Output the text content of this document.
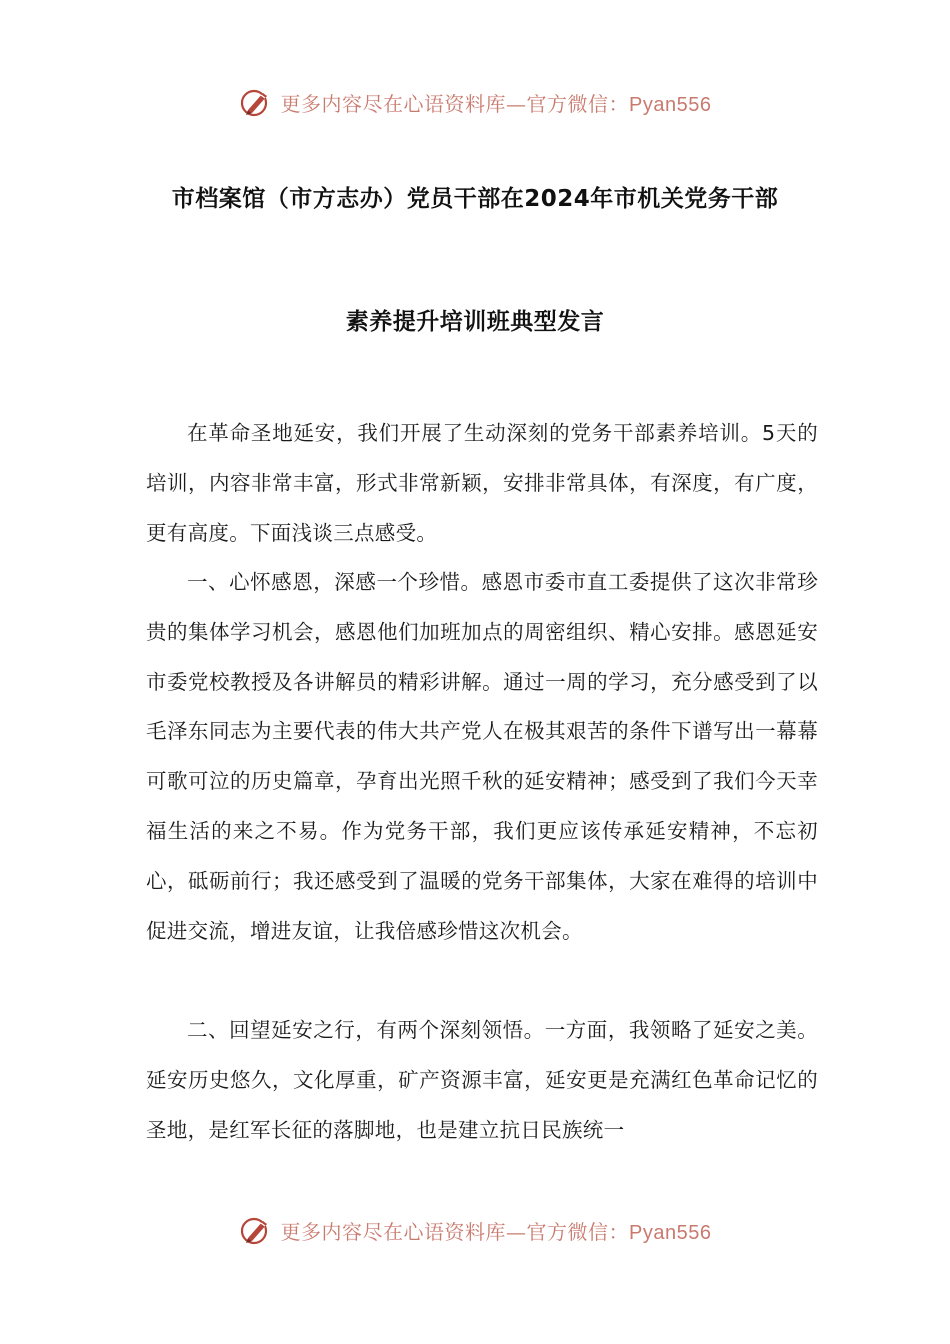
更多内容尽在心语资料库—官方微信：Pyan556
市档案馆（市方志办）党员干部在2024年市机关党务干部
素养提升培训班典型发言

在革命圣地延安，我们开展了生动深刻的党务干部素养培训。5天的培训，内容非常丰富，形式非常新颖，安排非常具体，有深度，有广度，更有高度。下面浅谈三点感受。

一、心怀感恩，深感一个珍惜。感恩市委市直工委提供了这次非常珍贵的集体学习机会，感恩他们加班加点的周密组织、精心安排。感恩延安市委党校教授及各讲解员的精彩讲解。通过一周的学习，充分感受到了以毛泽东同志为主要代表的伟大共产党人在极其艰苦的条件下谱写出一幕幕可歌可泣的历史篇章，孕育出光照千秋的延安精神；感受到了我们今天幸福生活的来之不易。作为党务干部，我们更应该传承延安精神，不忘初心，砥砺前行；我还感受到了温暖的党务干部集体，大家在难得的培训中促进交流，增进友谊，让我倍感珍惜这次机会。

二、回望延安之行，有两个深刻领悟。一方面，我领略了延安之美。延安历史悠久，文化厚重，矿产资源丰富，延安更是充满红色革命记忆的圣地，是红军长征的落脚地，也是建立抗日民族统一

更多内容尽在心语资料库—官方微信：Pyan556
